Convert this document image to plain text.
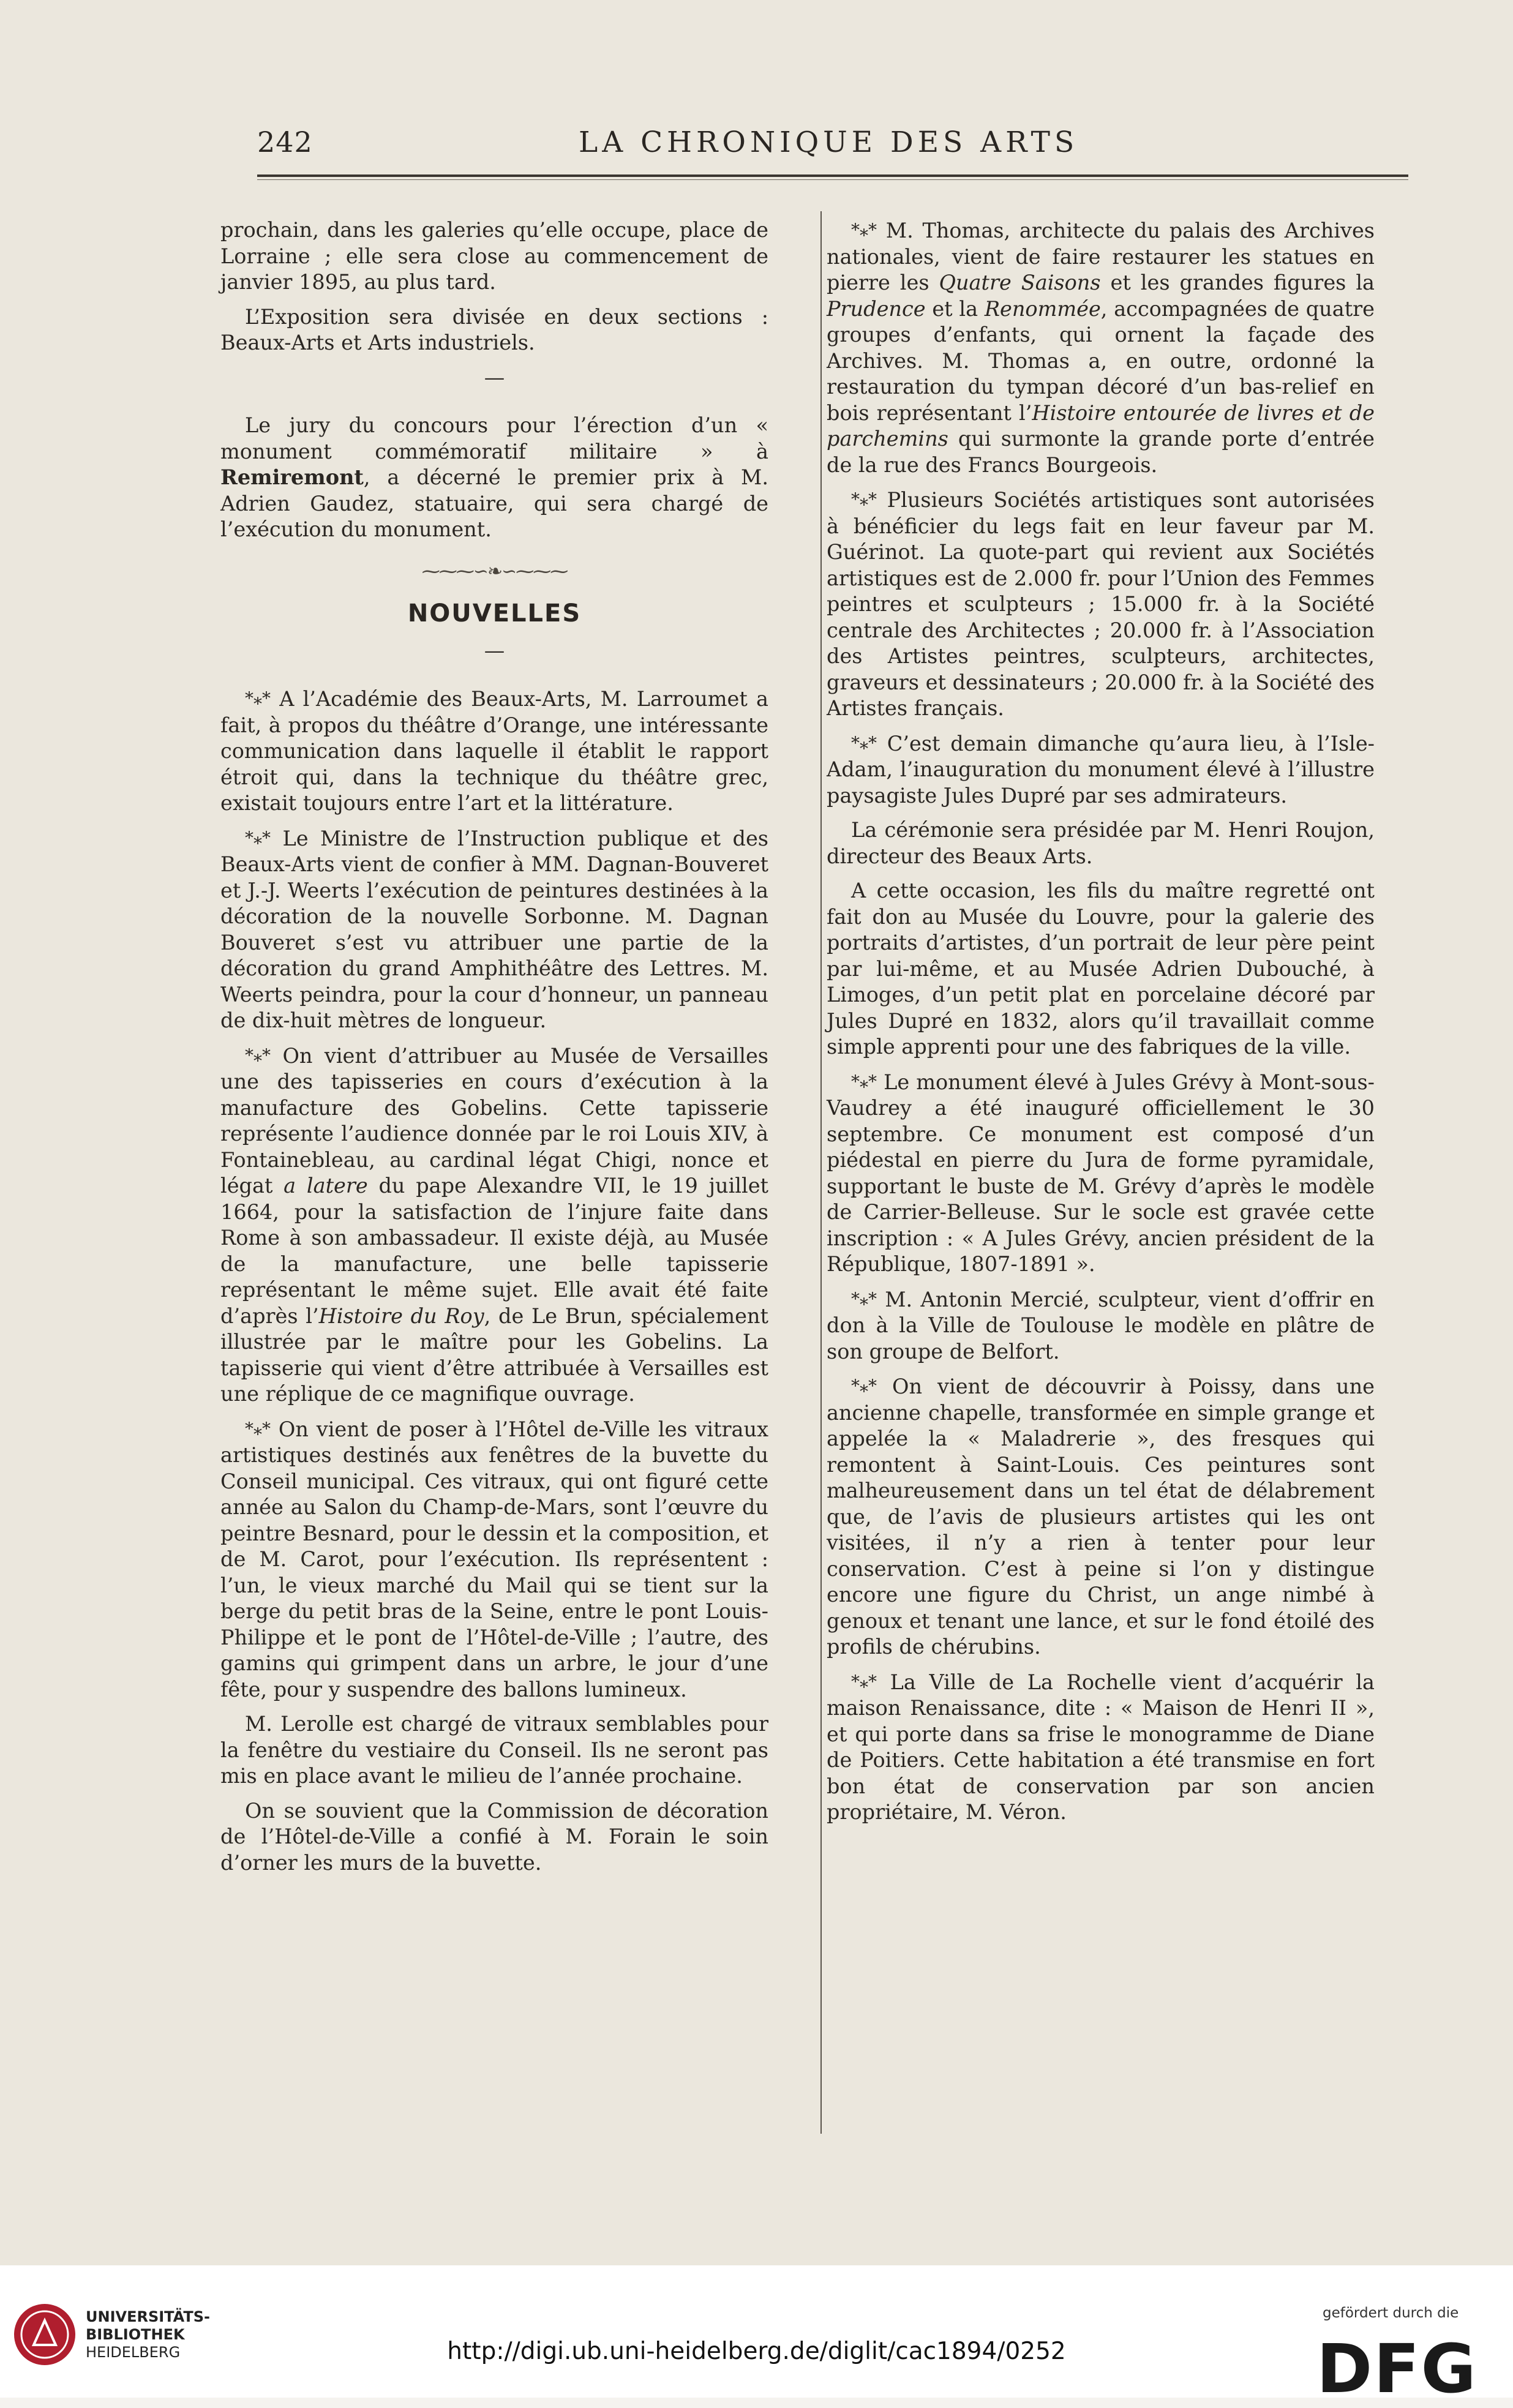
242	LA CHRONIQUE DES ARTS

prochain, dans les galeries qu’elle occupe, place de Lorraine ; elle sera close au commencement de janvier 1895, au plus tard.

L’Exposition sera divisée en deux sections : Beaux-Arts et Arts industriels.

—

Le jury du concours pour l’érection d’un « monument commémoratif militaire » à Remiremont, a décerné le premier prix à M. Adrien Gaudez, statuaire, qui sera chargé de l’exécution du monument.

⁓⁓⁓∽❧∽⁓⁓⁓
NOUVELLES
—

*⁎* A l’Académie des Beaux-Arts, M. Larroumet a fait, à propos du théâtre d’Orange, une intéressante communication dans laquelle il établit le rapport étroit qui, dans la technique du théâtre grec, existait toujours entre l’art et la littérature.

*⁎* Le Ministre de l’Instruction publique et des Beaux-Arts vient de confier à MM. Dagnan-Bouveret et J.-J. Weerts l’exécution de peintures destinées à la décoration de la nouvelle Sorbonne. M. Dagnan Bouveret s’est vu attribuer une partie de la décoration du grand Amphithéâtre des Lettres. M. Weerts peindra, pour la cour d’honneur, un panneau de dix-huit mètres de longueur.

*⁎* On vient d’attribuer au Musée de Versailles une des tapisseries en cours d’exécution à la manufacture des Gobelins. Cette tapisserie représente l’audience donnée par le roi Louis XIV, à Fontainebleau, au cardinal légat Chigi, nonce et légat a latere du pape Alexandre VII, le 19 juillet 1664, pour la satisfaction de l’injure faite dans Rome à son ambassadeur. Il existe déjà, au Musée de la manufacture, une belle tapisserie représentant le même sujet. Elle avait été faite d’après l’Histoire du Roy, de Le Brun, spécialement illustrée par le maître pour les Gobelins. La tapisserie qui vient d’être attribuée à Versailles est une réplique de ce magnifique ouvrage.

*⁎* On vient de poser à l’Hôtel de-Ville les vitraux artistiques destinés aux fenêtres de la buvette du Conseil municipal. Ces vitraux, qui ont figuré cette année au Salon du Champ-de-Mars, sont l’œuvre du peintre Besnard, pour le dessin et la composition, et de M. Carot, pour l’exécution. Ils représentent : l’un, le vieux marché du Mail qui se tient sur la berge du petit bras de la Seine, entre le pont Louis-Philippe et le pont de l’Hôtel-de-Ville ; l’autre, des gamins qui grimpent dans un arbre, le jour d’une fête, pour y suspendre des ballons lumineux.

M. Lerolle est chargé de vitraux semblables pour la fenêtre du vestiaire du Conseil. Ils ne seront pas mis en place avant le milieu de l’année prochaine.

On se souvient que la Commission de décoration de l’Hôtel-de-Ville a confié à M. Forain le soin d’orner les murs de la buvette.

*⁎* M. Thomas, architecte du palais des Archives nationales, vient de faire restaurer les statues en pierre les Quatre Saisons et les grandes figures la Prudence et la Renommée, accompagnées de quatre groupes d’enfants, qui ornent la façade des Archives. M. Thomas a, en outre, ordonné la restauration du tympan décoré d’un bas-relief en bois représentant l’Histoire entourée de livres et de parchemins qui surmonte la grande porte d’entrée de la rue des Francs Bourgeois.

*⁎* Plusieurs Sociétés artistiques sont autorisées à bénéficier du legs fait en leur faveur par M. Guérinot. La quote-part qui revient aux Sociétés artistiques est de 2.000 fr. pour l’Union des Femmes peintres et sculpteurs ; 15.000 fr. à la Société centrale des Architectes ; 20.000 fr. à l’Association des Artistes peintres, sculpteurs, architectes, graveurs et dessinateurs ; 20.000 fr. à la Société des Artistes français.

*⁎* C’est demain dimanche qu’aura lieu, à l’Isle-Adam, l’inauguration du monument élevé à l’illustre paysagiste Jules Dupré par ses admirateurs.

La cérémonie sera présidée par M. Henri Roujon, directeur des Beaux Arts.

A cette occasion, les fils du maître regretté ont fait don au Musée du Louvre, pour la galerie des portraits d’artistes, d’un portrait de leur père peint par lui-même, et au Musée Adrien Dubouché, à Limoges, d’un petit plat en porcelaine décoré par Jules Dupré en 1832, alors qu’il travaillait comme simple apprenti pour une des fabriques de la ville.

*⁎* Le monument élevé à Jules Grévy à Mont-sous-Vaudrey a été inauguré officiellement le 30 septembre. Ce monument est composé d’un piédestal en pierre du Jura de forme pyramidale, supportant le buste de M. Grévy d’après le modèle de Carrier-Belleuse. Sur le socle est gravée cette inscription : « A Jules Grévy, ancien président de la République, 1807-1891 ».

*⁎* M. Antonin Mercié, sculpteur, vient d’offrir en don à la Ville de Toulouse le modèle en plâtre de son groupe de Belfort.

*⁎* On vient de découvrir à Poissy, dans une ancienne chapelle, transformée en simple grange et appelée la « Maladrerie », des fresques qui remontent à Saint-Louis. Ces peintures sont malheureusement dans un tel état de délabrement que, de l’avis de plusieurs artistes qui les ont visitées, il n’y a rien à tenter pour leur conservation. C’est à peine si l’on y distingue encore une figure du Christ, un ange nimbé à genoux et tenant une lance, et sur le fond étoilé des profils de chérubins.

*⁎* La Ville de La Rochelle vient d’acquérir la maison Renaissance, dite : « Maison de Henri II », et qui porte dans sa frise le monogramme de Diane de Poitiers. Cette habitation a été transmise en fort bon état de conservation par son ancien propriétaire, M. Véron.

UNIVERSITÄTS-
BIBLIOTHEK
HEIDELBERG	http://digi.ub.uni-heidelberg.de/diglit/cac1894/0252
gefördert durch die
DFG
